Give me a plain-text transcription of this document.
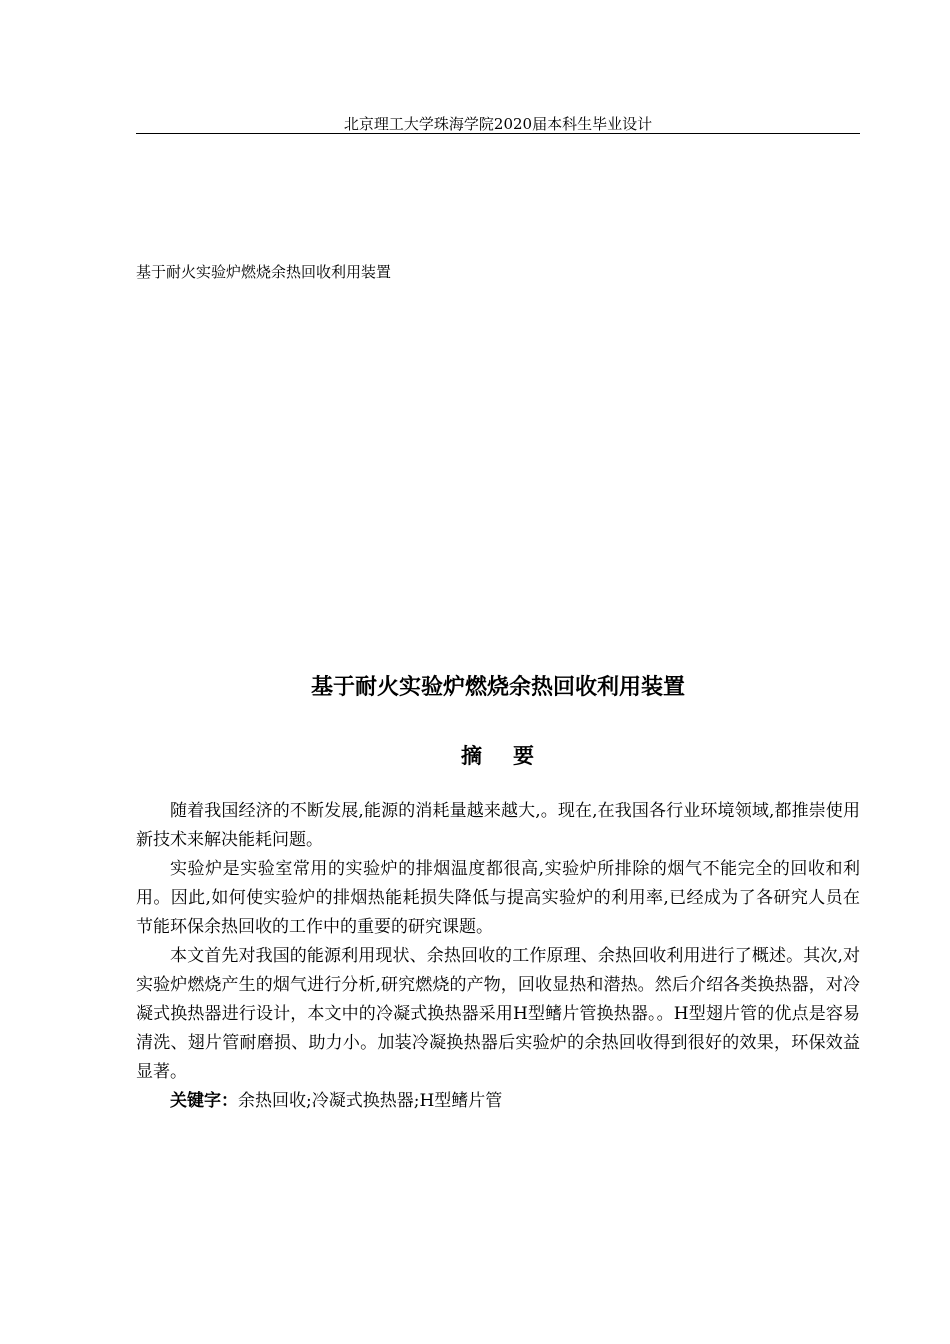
北京理工大学珠海学院2020届本科生毕业设计
基于耐火实验炉燃烧余热回收利用装置
基于耐火实验炉燃烧余热回收利用装置
摘 要

随着我国经济的不断发展,能源的消耗量越来越大,。现在,在我国各行业环境领域,都推崇使用新技术来解决能耗问题。

实验炉是实验室常用的实验炉的排烟温度都很高,实验炉所排除的烟气不能完全的回收和利用。因此,如何使实验炉的排烟热能耗损失降低与提高实验炉的利用率,已经成为了各研究人员在节能环保余热回收的工作中的重要的研究课题。

本文首先对我国的能源利用现状、余热回收的工作原理、余热回收利用进行了概述。其次,对实验炉燃烧产生的烟气进行分析,研究燃烧的产物，回收显热和潜热。然后介绍各类换热器，对冷凝式换热器进行设计，本文中的冷凝式换热器采用H型鳍片管换热器。。H型翅片管的优点是容易清洗、翅片管耐磨损、助力小。加装冷凝换热器后实验炉的余热回收得到很好的效果，环保效益显著。

关键字：余热回收;冷凝式换热器;H型鳍片管
